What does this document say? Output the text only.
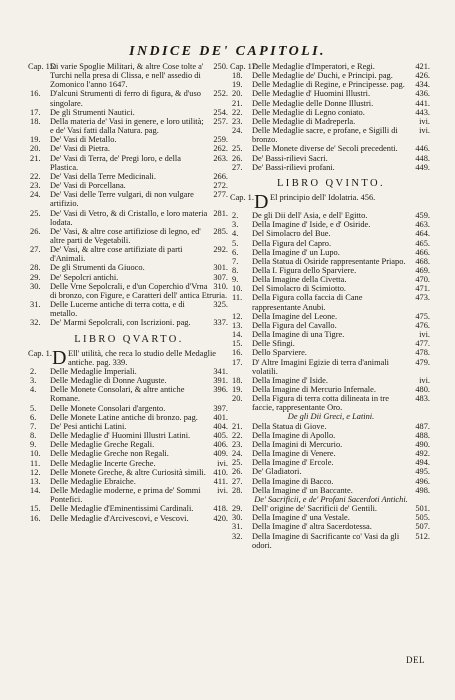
INDICE DE' CAPITOLI.
Cap. 15.	250.
Di varie Spoglie Militari, & altre Cose tolte a' Turchi nella presa di Clissa, e nell' assedio di Zomonico l'anno 1647.
16.	252.
D'alcuni Strumenti di ferro di figura, & d'uso singolare.
17.	254.
De gli Strumenti Nautici.
18.	257.
Della materia de' Vasi in genere, e loro utilità; e de' Vasi fatti dalla Natura. pag.
19.	259.
De' Vasi di Metallo.
20.	262.
De' Vasi di Pietra.
21.	263.
De' Vasi di Terra, de' Pregi loro, e della Plastica.
22.	266.
De' Vasi della Terre Medicinali.
23.	272.
De' Vasi di Porcellana.
24.	277.
De' Vasi delle Terre vulgari, di non vulgare artifizio.
25.	281.
De' Vasi di Vetro, & di Cristallo, e loro materia lodata.
26.	285.
De' Vasi, & altre cose artifiziose di legno, ed' altre parti de Vegetabili.
27.	292.
De' Vasi, & altre cose artifiziate di parti d'Animali.
28.	301.
De gli Strumenti da Giuoco.
29.	307.
De' Sepolcri antichi.
30.	310.
Delle Vrne Sepolcrali, e d'un Coperchio d'Vrna di bronzo, con Figure, e Caratteri dell' antica Etruria.
31.	325.
Delle Lucerne antiche di terra cotta, e di metallo.
32.	337.
De' Marmi Sepolcrali, con Iscrizioni. pag.
LIBRO QVARTO.
Cap. 1. D Ell' utilità, che reca lo studio delle Medaglie antiche. pag. 339.
2.	341.
Delle Medaglie Imperiali.
3.	391.
Delle Medaglie di Donne Auguste.
4.	396.
Delle Monete Consolari, & altre antiche Romane.
5.	397.
Delle Monete Consolari d'argento.
6.	401.
Delle Monete Latine antiche di bronzo. pag.
7.	404.
De' Pesi antichi Latini.
8.	405.
Delle Medaglie d' Huomini Illustri Latini.
9.	406.
Delle Medaglie Greche Regali.
10.	409.
Delle Medaglie Greche non Regali.
11.	ivi.
Delle Medaglie Incerte Greche.
12.	410.
Delle Monete Greche, & altre Curiosità simili.
13.	411.
Delle Medaglie Ebraiche.
14.	ivi.
Delle Medaglie moderne, e prima de' Sommi Pontefici.
15.	418.
Delle Medaglie d'Eminentissimi Cardinali.
16.	420.
Delle Medaglie d'Arcivescovi, e Vescovi.
Cap. 17.	421.
Delle Medaglie d'Imperatori, e Regi.
18.	426.
Delle Medaglie de' Duchi, e Principi. pag.
19.	434.
Delle Medaglie di Regine, e Principesse. pag.
20.	436.
Delle Medaglie d' Huomini Illustri.
21.	441.
Delle Medaglie delle Donne Illustri.
22.	443.
Delle Medaglie di Legno coniato.
23.	ivi.
Delle Medaglie di Madreperla.
24.	ivi.
Delle Medaglie sacre, e profane, e Sigilli di bronzo.
25.	446.
Delle Monete diverse de' Secoli precedenti.
26.	448.
De' Bassi-rilievi Sacri.
27.	449.
De' Bassi-rilievi profani.
LIBRO QVINTO.
Cap. 1. D El principio dell' Idolatria. 456.
2.	459.
De gli Dii dell' Asia, e dell' Egitto.
3.	463.
Della Imagine d' Iside, e d' Osiride.
4.	464.
Del Simolacro del Bue.
5.	465.
Della Figura del Capro.
6.	466.
Della Imagine d' un Lupo.
7.	468.
Della Statua di Osiride rappresentante Priapo.
8.	469.
Della I. Figura dello Sparviere.
9.	470.
Della Imagine della Civetta.
10.	471.
Del Simolacro di Scimiotto.
11.	473.
Della Figura colla faccia di Cane rappresentante Anubi.
12.	475.
Della Imagine del Leone.
13.	476.
Della Figura del Cavallo.
14.	ivi.
Della Imagine di una Tigre.
15.	477.
Delle Sfingi.
16.	478.
Dello Sparviere.
17.	479.
D' Altre Imagini Egizie di terra d'animali volatili.
18.	ivi.
Della Imagine d' Iside.
19.	480.
Della Imagine di Mercurio Infernale.
20.	483.
Della Figura di terra cotta dilineata in tre faccie, rappresentante Oro.
De gli Dii Greci, e Latini.
21.	487.
Della Statua di Giove.
22.	488.
Della Imagine di Apollo.
23.	490.
Della Imagini di Mercurio.
24.	492.
Della Imagine di Venere.
25.	494.
Della Imagine d' Ercole.
26.	495.
De' Gladiatori.
27.	496.
Della Imagine di Bacco.
28.	498.
Della Imagine d' un Baccante.
De' Sacrificii, e de' Profani Sacerdoti Antichi.
29.	501.
Dell' origine de' Sacrificii de' Gentili.
30.	505.
Della Imagine d' una Vestale.
31.	507.
Della Imagine d' altra Sacerdotessa.
32.	512.
Della Imagine di Sacrificante co' Vasi da gli odori.
DEL
